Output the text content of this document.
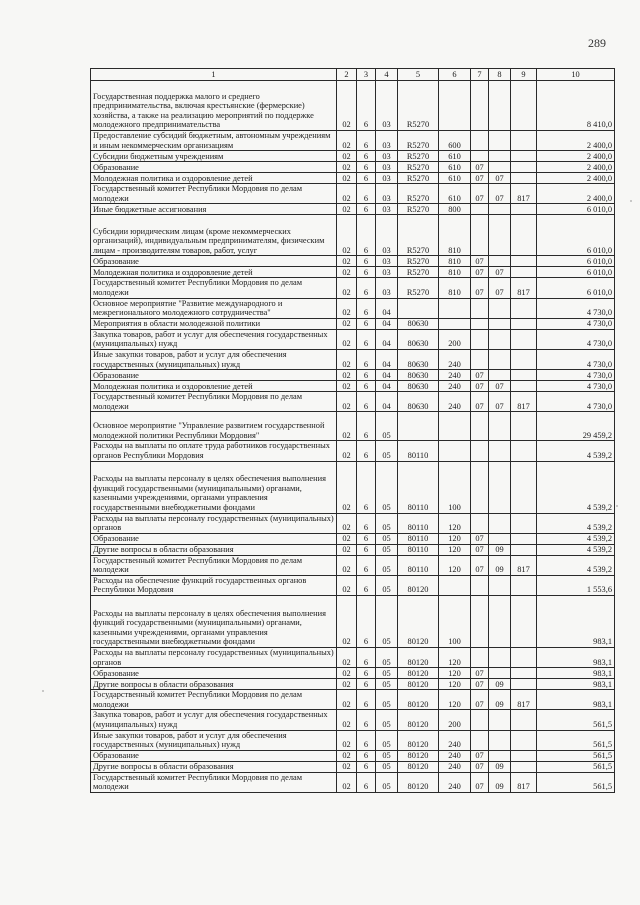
289
1	2	3	4	5	6	7	8	9	10
Государственная поддержка малого и среднего предпринимательства, включая крестьянские (фермерские) хозяйства, а также на реализацию мероприятий по поддержке молодежного предпринимательства	02	6	03	R5270					8 410,0
Предоставление субсидий бюджетным, автономным учреждениям и иным некоммерческим организациям	02	6	03	R5270	600				2 400,0
Субсидии бюджетным учреждениям	02	6	03	R5270	610				2 400,0
Образование	02	6	03	R5270	610	07			2 400,0
Молодежная политика и оздоровление детей	02	6	03	R5270	610	07	07		2 400,0
Государственный комитет Республики Мордовия по делам молодежи	02	6	03	R5270	610	07	07	817	2 400,0
Иные бюджетные ассигнования	02	6	03	R5270	800				6 010,0
Субсидии юридическим лицам (кроме некоммерческих организаций), индивидуальным предпринимателям, физическим лицам - производителям товаров, работ, услуг	02	6	03	R5270	810				6 010,0
Образование	02	6	03	R5270	810	07			6 010,0
Молодежная политика и оздоровление детей	02	6	03	R5270	810	07	07		6 010,0
Государственный комитет Республики Мордовия по делам молодежи	02	6	03	R5270	810	07	07	817	6 010,0
Основное мероприятие "Развитие международного и межрегионального молодежного сотрудничества"	02	6	04						4 730,0
Мероприятия в области молодежной политики	02	6	04	80630					4 730,0
Закупка товаров, работ и услуг для обеспечения государственных (муниципальных) нужд	02	6	04	80630	200				4 730,0
Иные закупки товаров, работ и услуг для обеспечения государственных (муниципальных) нужд	02	6	04	80630	240				4 730,0
Образование	02	6	04	80630	240	07			4 730,0
Молодежная политика и оздоровление детей	02	6	04	80630	240	07	07		4 730,0
Государственный комитет Республики Мордовия по делам молодежи	02	6	04	80630	240	07	07	817	4 730,0
Основное мероприятие "Управление развитием государственной молодежной политики Республики Мордовия"	02	6	05						29 459,2
Расходы на выплаты по оплате труда работников государственных органов Республики Мордовия	02	6	05	80110					4 539,2
Расходы на выплаты персоналу в целях обеспечения выполнения функций государственными (муниципальными) органами, казенными учреждениями, органами управления государственными внебюджетными фондами	02	6	05	80110	100				4 539,2
Расходы на выплаты персоналу государственных (муниципальных) органов	02	6	05	80110	120				4 539,2
Образование	02	6	05	80110	120	07			4 539,2
Другие вопросы в области образования	02	6	05	80110	120	07	09		4 539,2
Государственный комитет Республики Мордовия по делам молодежи	02	6	05	80110	120	07	09	817	4 539,2
Расходы на обеспечение функций государственных органов Республики Мордовия	02	6	05	80120					1 553,6
Расходы на выплаты персоналу в целях обеспечения выполнения функций государственными (муниципальными) органами, казенными учреждениями, органами управления государственными внебюджетными фондами	02	6	05	80120	100				983,1
Расходы на выплаты персоналу государственных (муниципальных) органов	02	6	05	80120	120				983,1
Образование	02	6	05	80120	120	07			983,1
Другие вопросы в области образования	02	6	05	80120	120	07	09		983,1
Государственный комитет Республики Мордовия по делам молодежи	02	6	05	80120	120	07	09	817	983,1
Закупка товаров, работ и услуг для обеспечения государственных (муниципальных) нужд	02	6	05	80120	200				561,5
Иные закупки товаров, работ и услуг для обеспечения государственных (муниципальных) нужд	02	6	05	80120	240				561,5
Образование	02	6	05	80120	240	07			561,5
Другие вопросы в области образования	02	6	05	80120	240	07	09		561,5
Государственный комитет Республики Мордовия по делам молодежи	02	6	05	80120	240	07	09	817	561,5
